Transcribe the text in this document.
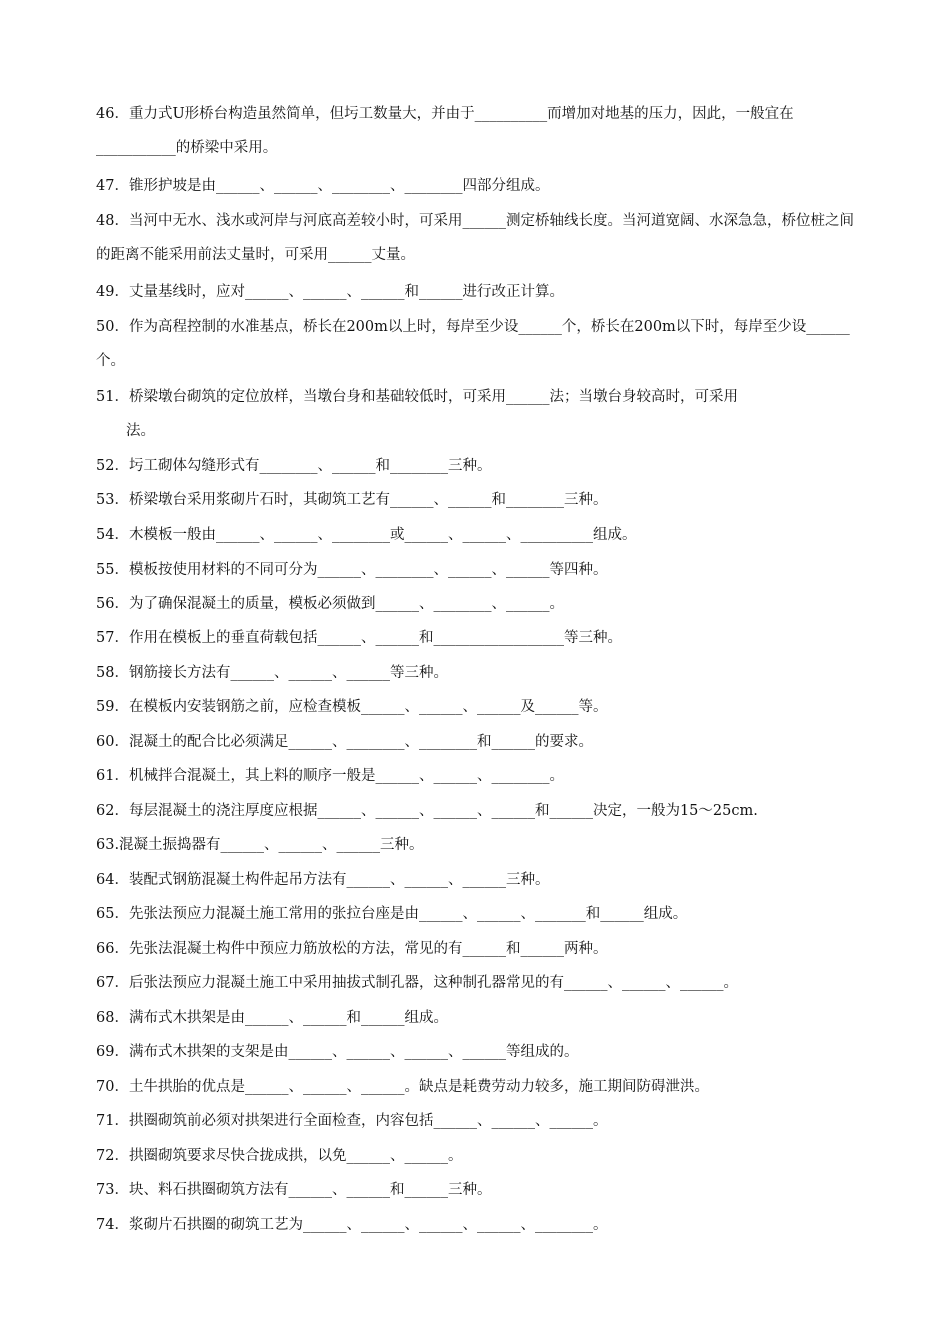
46．重力式U形桥台构造虽然简单，但圬工数量大，并由于__________而增加对地基的压力，因此，一般宜在___________的桥梁中采用。

47．锥形护坡是由______、______、________、________四部分组成。

48．当河中无水、浅水或河岸与河底高差较小时，可采用______测定桥轴线长度。当河道宽阔、水深急急，桥位桩之间的距离不能采用前法丈量时，可采用______丈量。

49．丈量基线时，应对______、______、______和______进行改正计算。

50．作为高程控制的水准基点，桥长在200m以上时，每岸至少设______个，桥长在200m以下时，每岸至少设______个。

51．桥梁墩台砌筑的定位放样，当墩台身和基础较低时，可采用______法；当墩台身较高时，可采用
法。

52．圬工砌体勾缝形式有________、______和________三种。

53．桥梁墩台采用浆砌片石时，其砌筑工艺有______、______和________三种。

54．木模板一般由______、______、________或______、______、__________组成。

55．模板按使用材料的不同可分为______、________、______、______等四种。

56．为了确保混凝土的质量，模板必须做到______、________、______。

57．作用在模板上的垂直荷载包括______、______和__________________等三种。

58．钢筋接长方法有______、______、______等三种。

59．在模板内安装钢筋之前，应检查模板______、______、______及______等。

60．混凝土的配合比必须满足______、________、________和______的要求。

61．机械拌合混凝土，其上料的顺序一般是______、______、________。

62．每层混凝土的浇注厚度应根据______、______、______、______和______决定，一般为15～25cm.

63.混凝土振捣器有______、______、______三种。

64．装配式钢筋混凝土构件起吊方法有______、______、______三种。

65．先张法预应力混凝土施工常用的张拉台座是由______、______、_______和______组成。

66．先张法混凝土构件中预应力筋放松的方法，常见的有______和______两种。

67．后张法预应力混凝土施工中采用抽拔式制孔器，这种制孔器常见的有______、______、______。

68．满布式木拱架是由______、______和______组成。

69．满布式木拱架的支架是由______、______、______、______等组成的。

70．土牛拱胎的优点是______、______、______。缺点是耗费劳动力较多，施工期间防碍泄洪。

71．拱圈砌筑前必须对拱架进行全面检查，内容包括______、______、______。

72．拱圈砌筑要求尽快合拢成拱，以免______、______。

73．块、料石拱圈砌筑方法有______、______和______三种。

74．浆砌片石拱圈的砌筑工艺为______、______、______、______、________。
